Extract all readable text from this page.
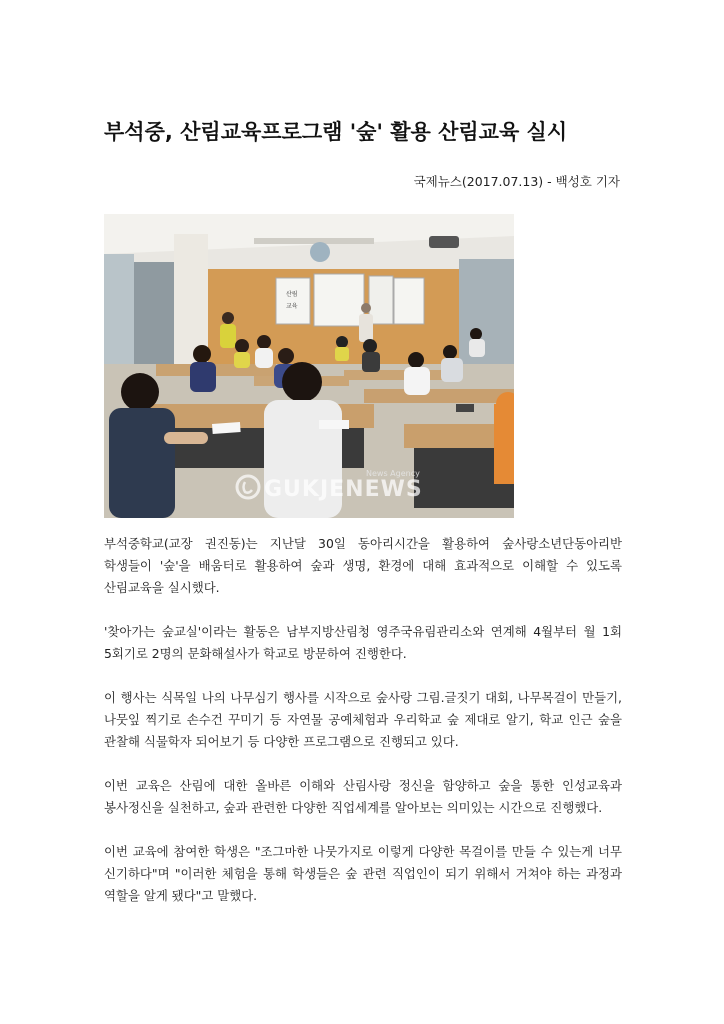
부석중, 산림교육프로그램 '숲' 활용 산림교육 실시
국제뉴스(2017.07.13) - 백성호 기자
산림
교육
News Agency
GUKJENEWS

부석중학교(교장 권진동)는 지난달 30일 동아리시간을 활용하여 숲사랑소년단동아리반 학생들이 '숲'을 배움터로 활용하여 숲과 생명, 환경에 대해 효과적으로 이해할 수 있도록 산림교육을 실시했다.

'찾아가는 숲교실'이라는 활동은 남부지방산림청 영주국유림관리소와 연계해 4월부터 월 1회 5회기로 2명의 문화해설사가 학교로 방문하여 진행한다.

이 행사는 식목일 나의 나무심기 행사를 시작으로 숲사랑 그림.글짓기 대회, 나무목걸이 만들기, 나뭇잎 찍기로 손수건 꾸미기 등 자연물 공예체험과 우리학교 숲 제대로 알기, 학교 인근 숲을 관찰해 식물학자 되어보기 등 다양한 프로그램으로 진행되고 있다.

이번 교육은 산림에 대한 올바른 이해와 산림사랑 정신을 함양하고 숲을 통한 인성교육과 봉사정신을 실천하고, 숲과 관련한 다양한 직업세계를 알아보는 의미있는 시간으로 진행했다.

이번 교육에 참여한 학생은 "조그마한 나뭇가지로 이렇게 다양한 목걸이를 만들 수 있는게 너무 신기하다"며 "이러한 체험을 통해 학생들은 숲 관련 직업인이 되기 위해서 거쳐야 하는 과정과 역할을 알게 됐다"고 말했다.
